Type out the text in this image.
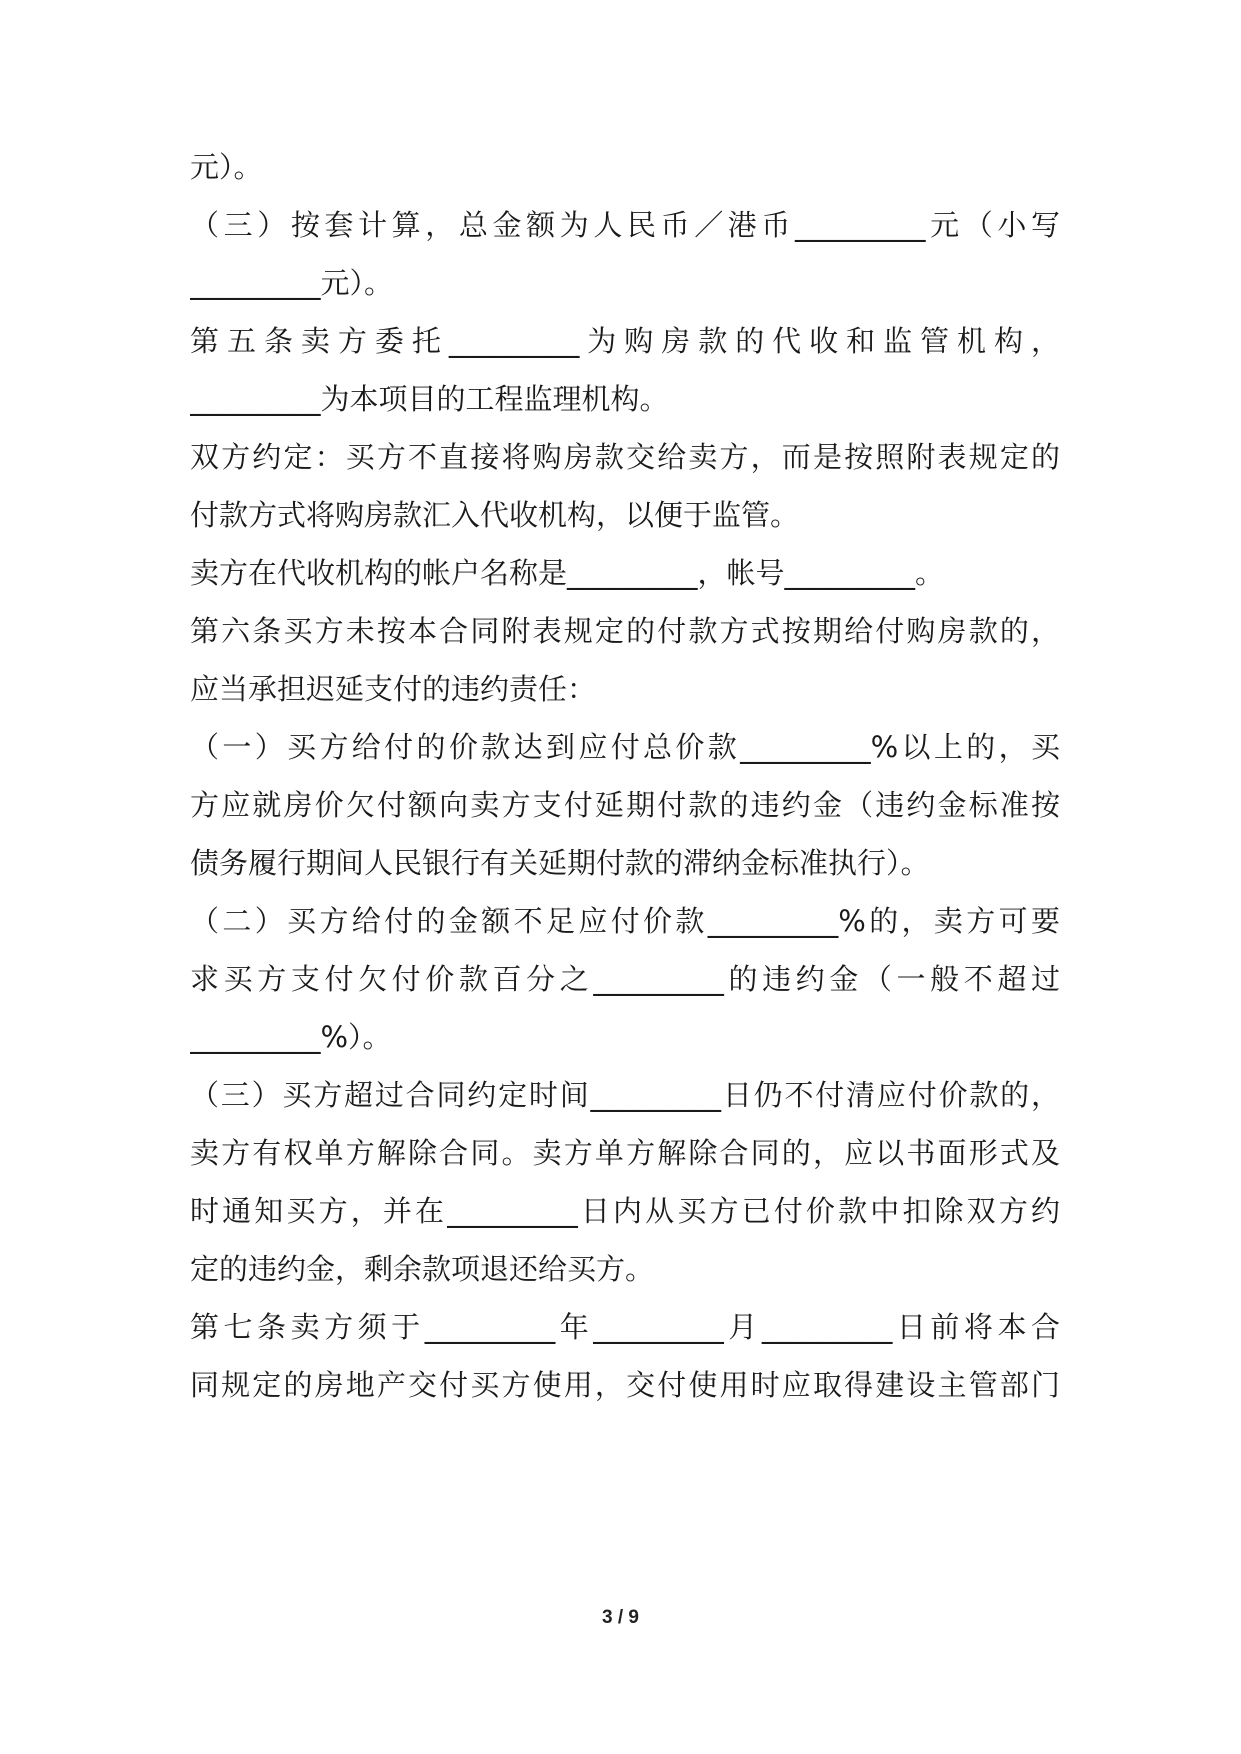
元）。
（三）按套计算，总金额为人民币／港币_________元（小写
_________元）。
第五条卖方委托_________为购房款的代收和监管机构，
_________为本项目的工程监理机构。
双方约定：买方不直接将购房款交给卖方，而是按照附表规定的
付款方式将购房款汇入代收机构，以便于监管。
卖方在代收机构的帐户名称是_________，帐号_________。
第六条买方未按本合同附表规定的付款方式按期给付购房款的，
应当承担迟延支付的违约责任：
（一）买方给付的价款达到应付总价款_________%以上的，买
方应就房价欠付额向卖方支付延期付款的违约金（违约金标准按
债务履行期间人民银行有关延期付款的滞纳金标准执行）。
（二）买方给付的金额不足应付价款_________%的，卖方可要
求买方支付欠付价款百分之_________的违约金（一般不超过
_________%）。
（三）买方超过合同约定时间_________日仍不付清应付价款的，
卖方有权单方解除合同。卖方单方解除合同的，应以书面形式及
时通知买方，并在_________日内从买方已付价款中扣除双方约
定的违约金，剩余款项退还给买方。
第七条卖方须于_________年_________月_________日前将本合
同规定的房地产交付买方使用，交付使用时应取得建设主管部门
3 / 9
